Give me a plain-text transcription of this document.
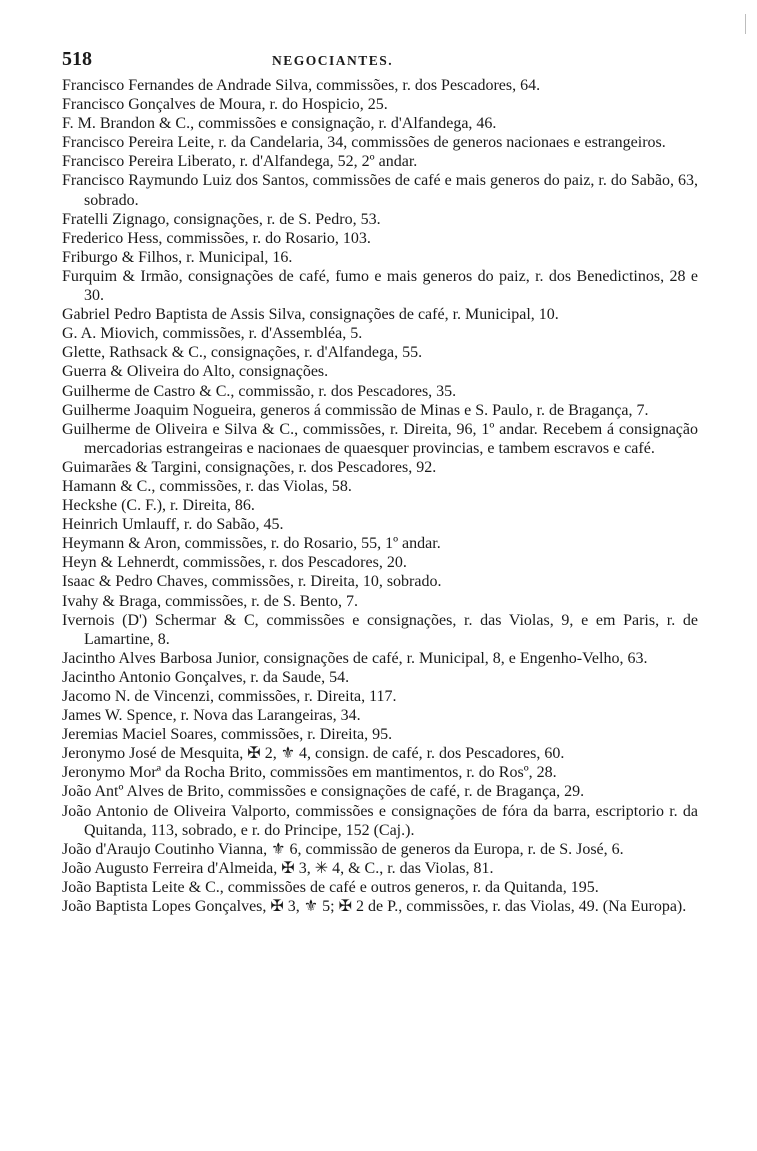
518	NEGOCIANTES.

Francisco Fernandes de Andrade Silva, commissões, r. dos Pescadores, 64.

Francisco Gonçalves de Moura, r. do Hospicio, 25.

F. M. Brandon & C., commissões e consignação, r. d'Alfandega, 46.

Francisco Pereira Leite, r. da Candelaria, 34, commissões de generos nacionaes e estrangeiros.

Francisco Pereira Liberato, r. d'Alfandega, 52, 2º andar.

Francisco Raymundo Luiz dos Santos, commissões de café e mais generos do paiz, r. do Sabão, 63, sobrado.

Fratelli Zignago, consignações, r. de S. Pedro, 53.

Frederico Hess, commissões, r. do Rosario, 103.

Friburgo & Filhos, r. Municipal, 16.

Furquim & Irmão, consignações de café, fumo e mais generos do paiz, r. dos Benedictinos, 28 e 30.

Gabriel Pedro Baptista de Assis Silva, consignações de café, r. Municipal, 10.

G. A. Miovich, commissões, r. d'Assembléa, 5.

Glette, Rathsack & C., consignações, r. d'Alfandega, 55.

Guerra & Oliveira do Alto, consignações.

Guilherme de Castro & C., commissão, r. dos Pescadores, 35.

Guilherme Joaquim Nogueira, generos á commissão de Minas e S. Paulo, r. de Bragança, 7.

Guilherme de Oliveira e Silva & C., commissões, r. Direita, 96, 1º andar. Recebem á consignação mercadorias estrangeiras e nacionaes de quaesquer provincias, e tambem escravos e café.

Guimarães & Targini, consignações, r. dos Pescadores, 92.

Hamann & C., commissões, r. das Violas, 58.

Heckshe (C. F.), r. Direita, 86.

Heinrich Umlauff, r. do Sabão, 45.

Heymann & Aron, commissões, r. do Rosario, 55, 1º andar.

Heyn & Lehnerdt, commissões, r. dos Pescadores, 20.

Isaac & Pedro Chaves, commissões, r. Direita, 10, sobrado.

Ivahy & Braga, commissões, r. de S. Bento, 7.

Ivernois (D') Schermar & C, commissões e consignações, r. das Violas, 9, e em Paris, r. de Lamartine, 8.

Jacintho Alves Barbosa Junior, consignações de café, r. Municipal, 8, e Engenho-Velho, 63.

Jacintho Antonio Gonçalves, r. da Saude, 54.

Jacomo N. de Vincenzi, commissões, r. Direita, 117.

James W. Spence, r. Nova das Larangeiras, 34.

Jeremias Maciel Soares, commissões, r. Direita, 95.

Jeronymo José de Mesquita, ✠ 2, ⚜ 4, consign. de café, r. dos Pescadores, 60.

Jeronymo Morª da Rocha Brito, commissões em mantimentos, r. do Rosº, 28.

João Antº Alves de Brito, commissões e consignações de café, r. de Bragança, 29.

João Antonio de Oliveira Valporto, commissões e consignações de fóra da barra, escriptorio r. da Quitanda, 113, sobrado, e r. do Principe, 152 (Caj.).

João d'Araujo Coutinho Vianna, ⚜ 6, commissão de generos da Europa, r. de S. José, 6.

João Augusto Ferreira d'Almeida, ✠ 3, ✳ 4, & C., r. das Violas, 81.

João Baptista Leite & C., commissões de café e outros generos, r. da Quitanda, 195.

João Baptista Lopes Gonçalves, ✠ 3, ⚜ 5; ✠ 2 de P., commissões, r. das Violas, 49. (Na Europa).
